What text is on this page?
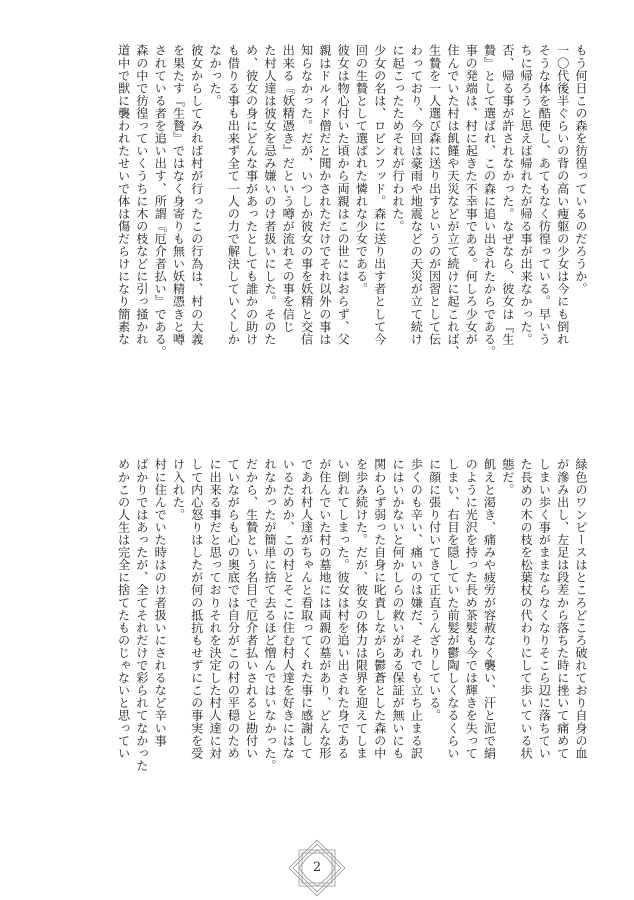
もう何日この森を彷徨っているのだろうか。
一〇代後半ぐらいの背の高い痩躯の少女は今にも倒れ
そうな体を酷使し、あてもなく彷徨っている。早いう
ちに帰ろうと思えば帰れたが帰る事が出来なかった。
否、帰る事が許されなかった。なぜなら、彼女は『生
贄』として選ばれ、この森に追い出されたからである。
事の発端は、村に起きた不幸事である。何しろ少女が
住んでいた村は飢饉や天災などが立て続けに起これば、
生贄を一人選び森に送り出すというのが因習として伝
わっており、今回は豪雨や地震などの天災が立て続け
に起こったためそれが行われた。
少女の名は、ロビンフッド。森に送り出す者として今
回の生贄として選ばれた憐れな少女である。
彼女は物心付いた頃から両親はこの世にはおらず、父
親はドルイド僧だと聞かされただけでそれ以外の事は
知らなかった。だが、いつしか彼女の事を妖精と交信
出来る『妖精憑き』だという噂が流れその事を信じ
た村人達は彼女を忌み嫌いのけ者扱いにした。そのた
め、彼女の身にどんな事があったとしても誰かの助け
も借りる事も出来ず全て一人の力で解決していくしか
なかった。
彼女からしてみれば村が行ったこの行為は、村の大義
を果たす『生贄』ではなく身寄りも無い妖精憑きと噂
されている者を追い出す、所謂『厄介者払い』である。
森の中で彷徨っていくうちに木の枝などに引っ掻かれ
道中で獣に襲われたせいで体は傷だらけになり簡素な
緑色のワンピースはところどころ破れており自身の血
が滲み出し、左足は段差から落ちた時に挫いて痛めて
しまい歩く事がままならなくなりそこら辺に落ちてい
た長めの木の枝を松葉杖の代わりにして歩いている状
態だ。
飢えと渇き、痛みや疲労が容赦なく襲い、汗と泥で絹
のように光沢を持った長め茶髪も今では輝きを失って
しまい、右目を隠していた前髪が鬱陶しくなるくらい
に顔に張り付いてきて正直うんざりしている。
歩くのも辛い、痛いのは嫌だ、それでも立ち止まる訳
にはいかないと何かしらの救いがある保証が無いにも
関わらず弱った自身に叱責しながら鬱蒼とした森の中
を歩み続けた。だが、彼女の体力は限界を迎えてしま
い倒れてしまった。彼女は村を追い出された身である
が住んでいた村の墓地には両親の墓があり、どんな形
であれ村人達がちゃんと看取ってくれた事に感謝して
いるためか、この村とそこに住む村人達を好きにはな
れなかったが簡単に捨て去るほど憎んではいなかった。
だから、生贄という名目で厄介者払いされると勘付い
ていながらも心の奥底では自分がこの村の平穏のため
に出来る事だと思っておりそれを決定した村人達に対
して内心怒りはしたが何の抵抗もせずにこの事実を受
け入れた。
村に住んでいた時はのけ者扱いにされるなど辛い事
ばかりではあったが、全てそれだけで彩られてなかった
めかこの人生は完全に捨てたものじゃないと思ってい
2
